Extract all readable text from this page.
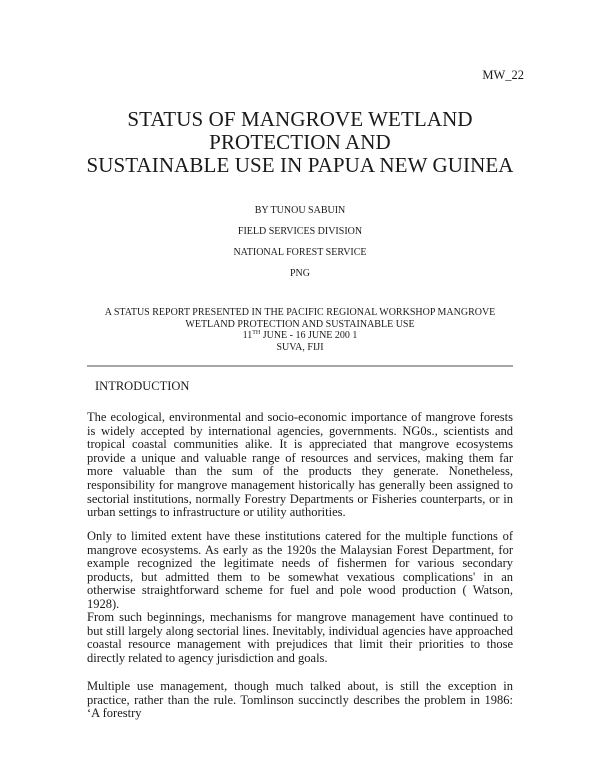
MW_22
STATUS OF MANGROVE WETLAND
PROTECTION AND
SUSTAINABLE USE IN PAPUA NEW GUINEA
BY TUNOU SABUIN
FIELD SERVICES DIVISION
NATIONAL FOREST SERVICE
PNG
A STATUS REPORT PRESENTED IN THE PACIFIC REGIONAL WORKSHOP MANGROVE
WETLAND PROTECTION AND SUSTAINABLE USE
11TH JUNE - 16 JUNE 200 1
SUVA, FIJI
INTRODUCTION

The ecological, environmental and socio-economic importance of mangrove forests is widely accepted by international agencies, governments. NG0s., scientists and tropical coastal communities alike. It is appreciated that mangrove ecosystems provide a unique and valuable range of resources and services, making them far more valuable than the sum of the products they generate. Nonetheless, responsibility for mangrove management historically has generally been assigned to sectorial institutions, normally Forestry Departments or Fisheries counterparts, or in urban settings to infrastructure or utility authorities.

Only to limited extent have these institutions catered for the multiple functions of mangrove ecosystems. As early as the 1920s the Malaysian Forest Department, for example recognized the legitimate needs of fishermen for various secondary products, but admitted them to be somewhat vexatious complications' in an otherwise straightforward scheme for fuel and pole wood production ( Watson, 1928).

From such beginnings, mechanisms for mangrove management have continued to but still largely along sectorial lines. Inevitably, individual agencies have approached coastal resource management with prejudices that limit their priorities to those directly related to agency jurisdiction and goals.

Multiple use management, though much talked about, is still the exception in practice, rather than the rule. Tomlinson succinctly describes the problem in 1986: ‘A forestry
